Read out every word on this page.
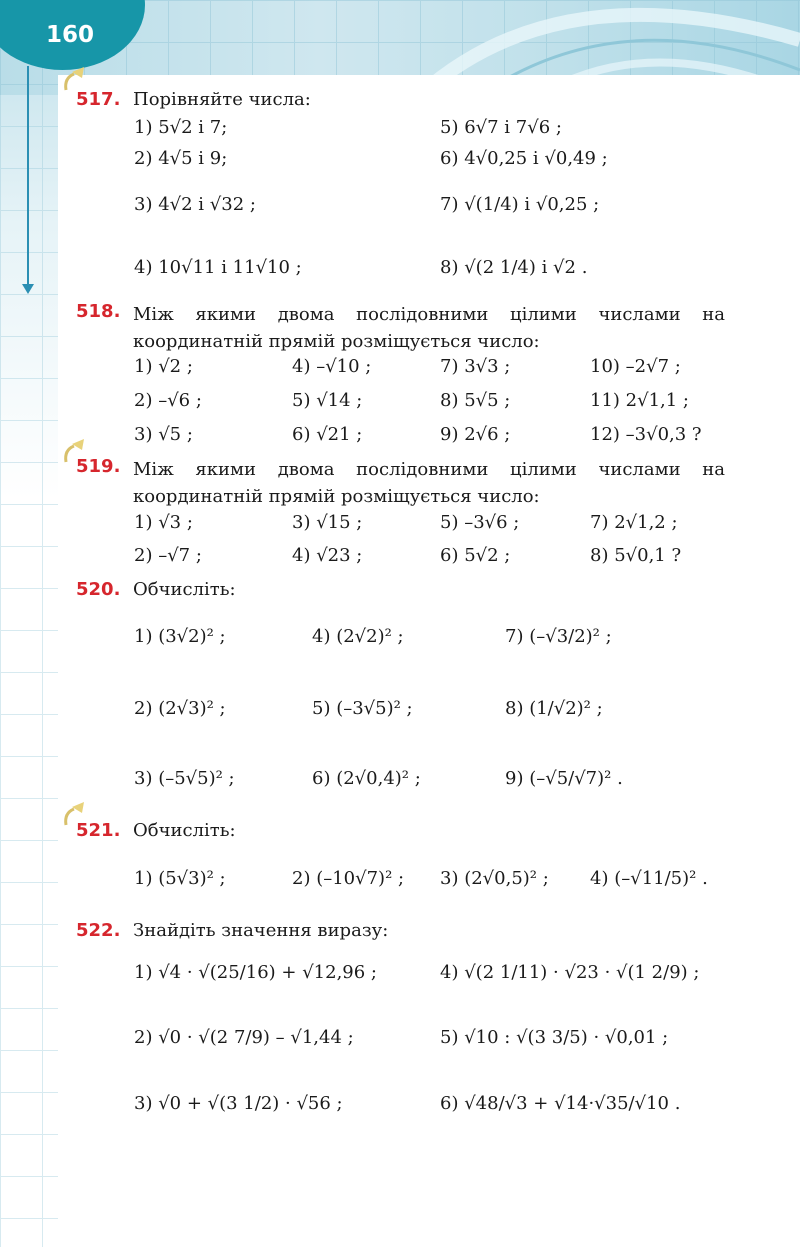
160
517. Порівняйте числа:
1) 5√2 і 7;
2) 4√5 і 9;
3) 4√2 і √32 ;
4) 10√11 і 11√10 ;
5) 6√7 і 7√6 ;
6) 4√0,25 і √0,49 ;
7) √(1/4) і √0,25 ;
8) √(2 1/4) і √2 .
518. Між якими двома послідовними цілими числами на координатній прямій розміщується число:
1) √2 ;
2) –√6 ;
3) √5 ;
4) –√10 ;
5) √14 ;
6) √21 ;
7) 3√3 ;
8) 5√5 ;
9) 2√6 ;
10) –2√7 ;
11) 2√1,1 ;
12) –3√0,3 ?
519. Між якими двома послідовними цілими числами на координатній прямій розміщується число:
1) √3 ;
2) –√7 ;
3) √15 ;
4) √23 ;
5) –3√6 ;
6) 5√2 ;
7) 2√1,2 ;
8) 5√0,1 ?
520. Обчисліть:
1) (3√2)² ;
2) (2√3)² ;
3) (–5√5)² ;
4) (2√2)² ;
5) (–3√5)² ;
6) (2√0,4)² ;
7) (–√3/2)² ;
8) (1/√2)² ;
9) (–√5/√7)² .
521. Обчисліть:
1) (5√3)² ;	2) (–10√7)² ; 3) (2√0,5)² ; 4) (–√11/5)² .
522. Знайдіть значення виразу:
1) √4 · √(25/16) + √12,96 ;
2) √0 · √(2 7/9) – √1,44 ;
3) √0 + √(3 1/2) · √56 ;
4) √(2 1/11) · √23 · √(1 2/9) ;
5) √10 : √(3 3/5) · √0,01 ;
6) √48/√3 + √14·√35/√10 .
